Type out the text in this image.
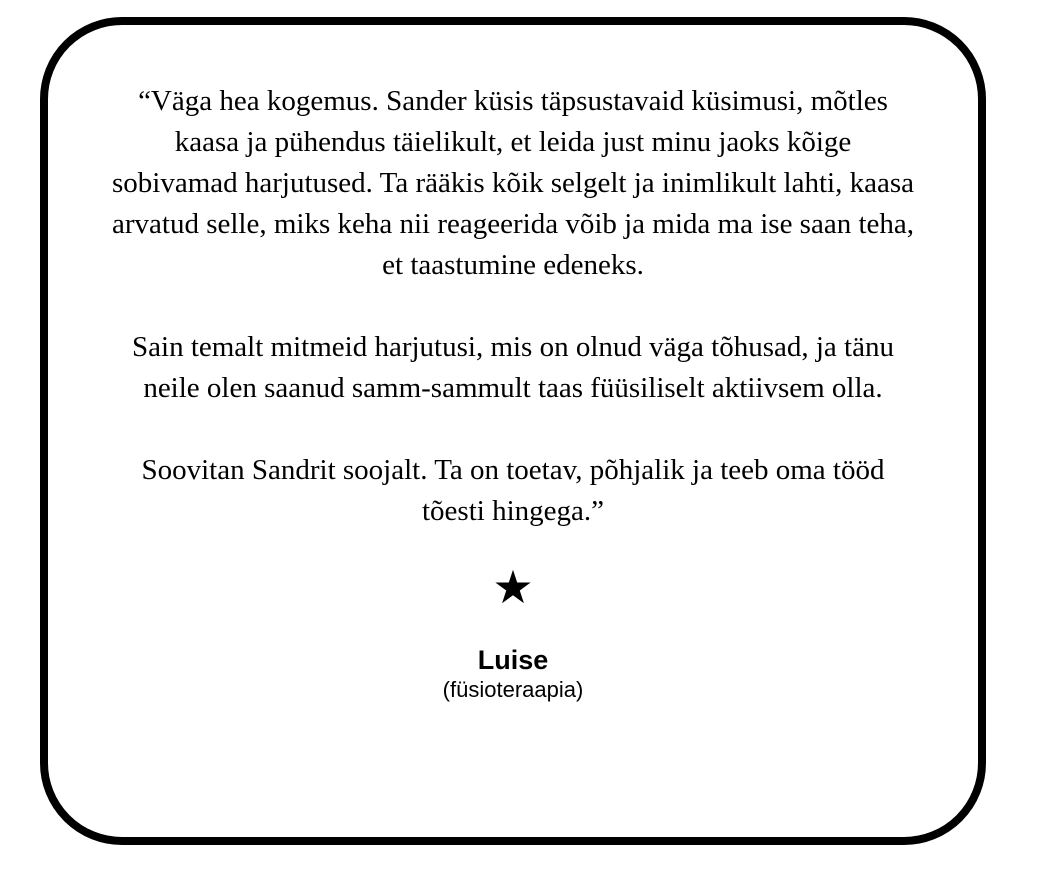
“Väga hea kogemus. Sander küsis täpsustavaid küsimusi, mõtles kaasa ja pühendus täielikult, et leida just minu jaoks kõige sobivamad harjutused. Ta rääkis kõik selgelt ja inimlikult lahti, kaasa arvatud selle, miks keha nii reageerida võib ja mida ma ise saan teha, et taastumine edeneks.

Sain temalt mitmeid harjutusi, mis on olnud väga tõhusad, ja tänu neile olen saanud samm-sammult taas füüsiliselt aktiivsem olla.

Soovitan Sandrit soojalt. Ta on toetav, põhjalik ja teeb oma tööd tõesti hingega.”

★
Luise
(füsioteraapia)
